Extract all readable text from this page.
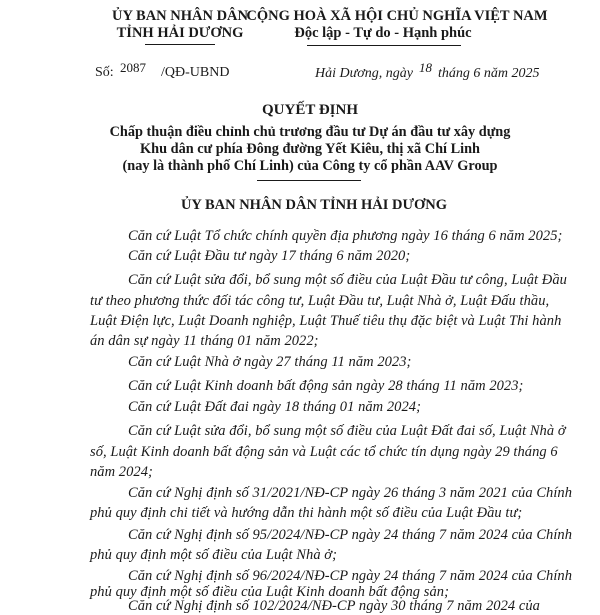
ỦY BAN NHÂN DÂN
TỈNH HẢI DƯƠNG
CỘNG HOÀ XÃ HỘI CHỦ NGHĨA VIỆT NAM
Độc lập - Tự do - Hạnh phúc
Số: 2087 /QĐ-UBND	Hải Dương, ngày 18 tháng 6 năm 2025
QUYẾT ĐỊNH
Chấp thuận điều chỉnh chủ trương đầu tư Dự án đầu tư xây dựng
Khu dân cư phía Đông đường Yết Kiêu, thị xã Chí Linh
(nay là thành phố Chí Linh) của Công ty cổ phần AAV Group
ỦY BAN NHÂN DÂN TỈNH HẢI DƯƠNG
Căn cứ Luật Tổ chức chính quyền địa phương ngày 16 tháng 6 năm 2025;
Căn cứ Luật Đầu tư ngày 17 tháng 6 năm 2020;
Căn cứ Luật sửa đổi, bổ sung một số điều của Luật Đầu tư công, Luật Đầu
tư theo phương thức đối tác công tư, Luật Đầu tư, Luật Nhà ở, Luật Đấu thầu,
Luật Điện lực, Luật Doanh nghiệp, Luật Thuế tiêu thụ đặc biệt và Luật Thi hành
án dân sự ngày 11 tháng 01 năm 2022;
Căn cứ Luật Nhà ở ngày 27 tháng 11 năm 2023;
Căn cứ Luật Kinh doanh bất động sản ngày 28 tháng 11 năm 2023;
Căn cứ Luật Đất đai ngày 18 tháng 01 năm 2024;
Căn cứ Luật sửa đổi, bổ sung một số điều của Luật Đất đai số, Luật Nhà ở
số, Luật Kinh doanh bất động sản và Luật các tổ chức tín dụng ngày 29 tháng 6
năm 2024;
Căn cứ Nghị định số 31/2021/NĐ-CP ngày 26 tháng 3 năm 2021 của Chính
phủ quy định chi tiết và hướng dẫn thi hành một số điều của Luật Đầu tư;
Căn cứ Nghị định số 95/2024/NĐ-CP ngày 24 tháng 7 năm 2024 của Chính
phủ quy định một số điều của Luật Nhà ở;
Căn cứ Nghị định số 96/2024/NĐ-CP ngày 24 tháng 7 năm 2024 của Chính
phủ quy định một số điều của Luật Kinh doanh bất động sản;
Căn cứ Nghị định số 102/2024/NĐ-CP ngày 30 tháng 7 năm 2024 của
